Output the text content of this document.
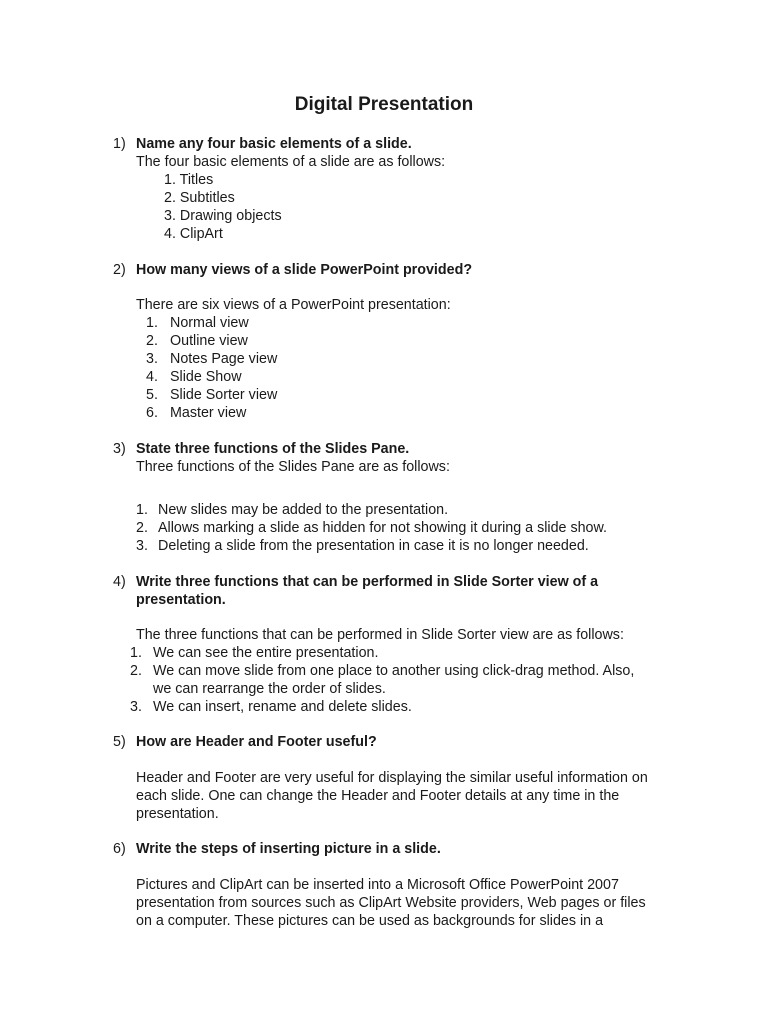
Digital Presentation
1) Name any four basic elements of a slide.
The four basic elements of a slide are as follows:
1. Titles
2. Subtitles
3. Drawing objects
4. ClipArt
2) How many views of a slide PowerPoint provided?
There are six views of a PowerPoint presentation:
1. Normal view
2. Outline view
3. Notes Page view
4. Slide Show
5. Slide Sorter view
6. Master view
3) State three functions of the Slides Pane.
Three functions of the Slides Pane are as follows:
1. New slides may be added to the presentation.
2. Allows marking a slide as hidden for not showing it during a slide show.
3. Deleting a slide from the presentation in case it is no longer needed.
4) Write three functions that can be performed in Slide Sorter view of a
presentation.
The three functions that can be performed in Slide Sorter view are as follows:
1. We can see the entire presentation.
2. We can move slide from one place to another using click-drag method. Also,
we can rearrange the order of slides.
3. We can insert, rename and delete slides.
5) How are Header and Footer useful?
Header and Footer are very useful for displaying the similar useful information on
each slide. One can change the Header and Footer details at any time in the
presentation.
6) Write the steps of inserting picture in a slide.
Pictures and ClipArt can be inserted into a Microsoft Office PowerPoint 2007
presentation from sources such as ClipArt Website providers, Web pages or files
on a computer. These pictures can be used as backgrounds for slides in a
